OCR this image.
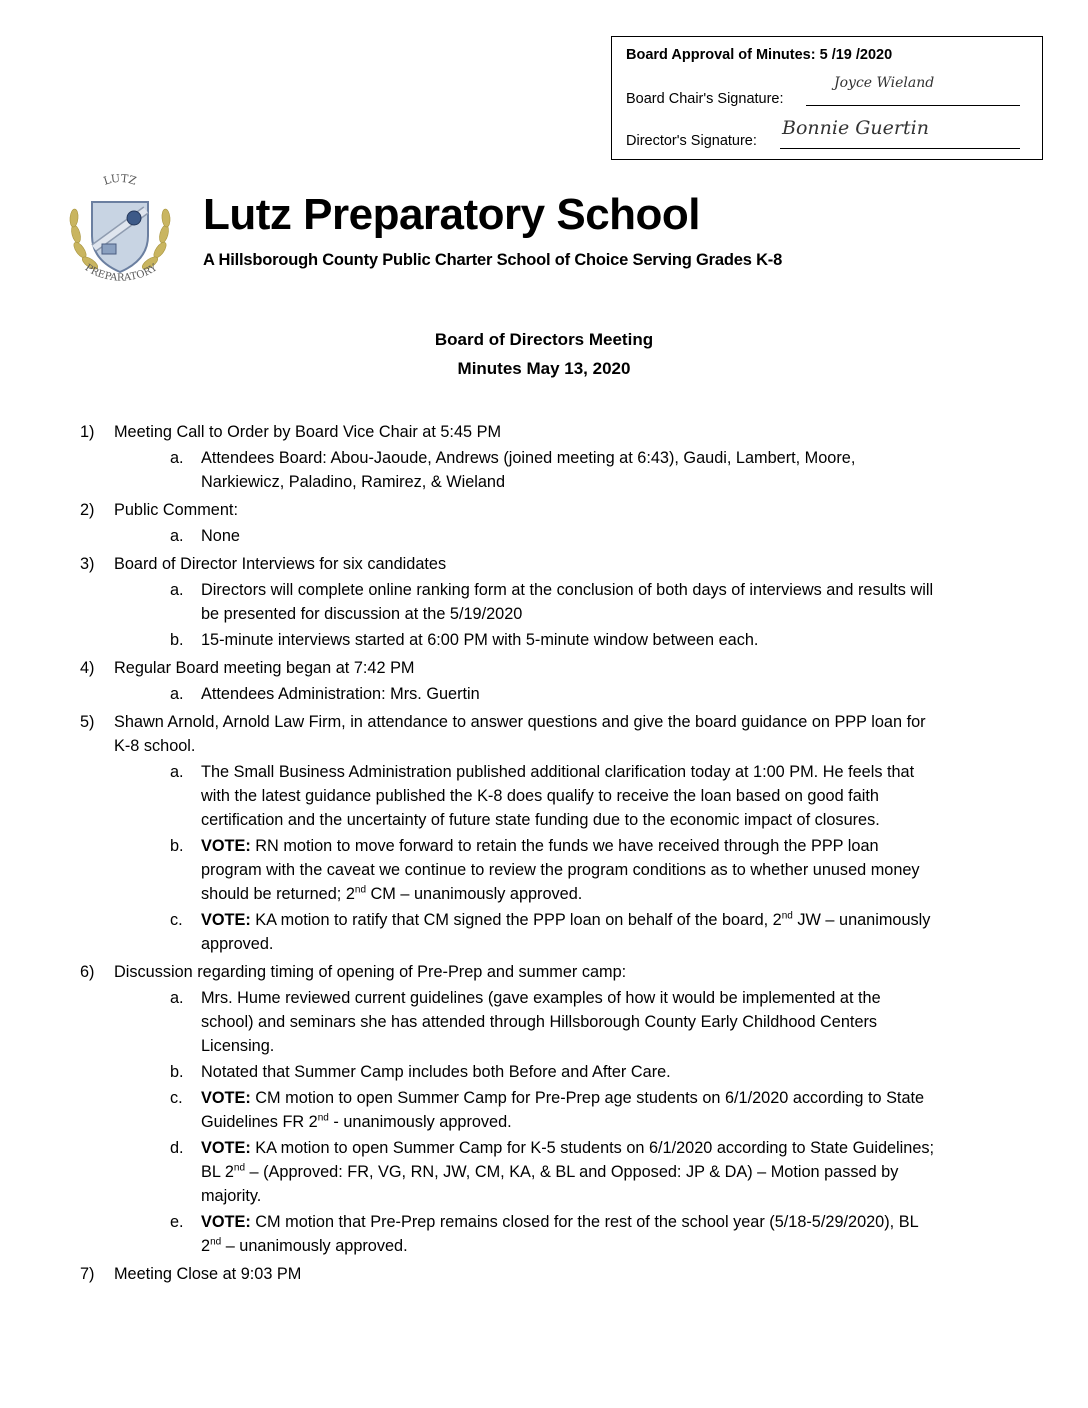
Board Approval of Minutes: 5 /19 /2020
Board Chair's Signature:
Joyce Wieland
Director's Signature:
Bonnie Guertin
LUTZ
PREPARATORY
Lutz Preparatory School
A Hillsborough County Public Charter School of Choice Serving Grades K-8
Board of Directors Meeting
Minutes May 13, 2020
1) Meeting Call to Order by Board Vice Chair at 5:45 PM
a. Attendees Board: Abou-Jaoude, Andrews (joined meeting at 6:43), Gaudi, Lambert, Moore, Narkiewicz, Paladino, Ramirez, & Wieland
2) Public Comment:
a. None
3) Board of Director Interviews for six candidates
a. Directors will complete online ranking form at the conclusion of both days of interviews and results will be presented for discussion at the 5/19/2020
b. 15-minute interviews started at 6:00 PM with 5-minute window between each.
4) Regular Board meeting began at 7:42 PM
a. Attendees Administration: Mrs. Guertin
5) Shawn Arnold, Arnold Law Firm, in attendance to answer questions and give the board guidance on PPP loan for K-8 school.
a. The Small Business Administration published additional clarification today at 1:00 PM. He feels that with the latest guidance published the K-8 does qualify to receive the loan based on good faith certification and the uncertainty of future state funding due to the economic impact of closures.
b. VOTE: RN motion to move forward to retain the funds we have received through the PPP loan program with the caveat we continue to review the program conditions as to whether unused money should be returned; 2nd CM – unanimously approved.
c. VOTE: KA motion to ratify that CM signed the PPP loan on behalf of the board, 2nd JW – unanimously approved.
6) Discussion regarding timing of opening of Pre-Prep and summer camp:
a. Mrs. Hume reviewed current guidelines (gave examples of how it would be implemented at the school) and seminars she has attended through Hillsborough County Early Childhood Centers Licensing.
b. Notated that Summer Camp includes both Before and After Care.
c. VOTE: CM motion to open Summer Camp for Pre-Prep age students on 6/1/2020 according to State Guidelines FR 2nd - unanimously approved.
d. VOTE: KA motion to open Summer Camp for K-5 students on 6/1/2020 according to State Guidelines; BL 2nd – (Approved: FR, VG, RN, JW, CM, KA, & BL and Opposed: JP & DA) – Motion passed by majority.
e. VOTE: CM motion that Pre-Prep remains closed for the rest of the school year (5/18-5/29/2020), BL 2nd – unanimously approved.
7) Meeting Close at 9:03 PM
